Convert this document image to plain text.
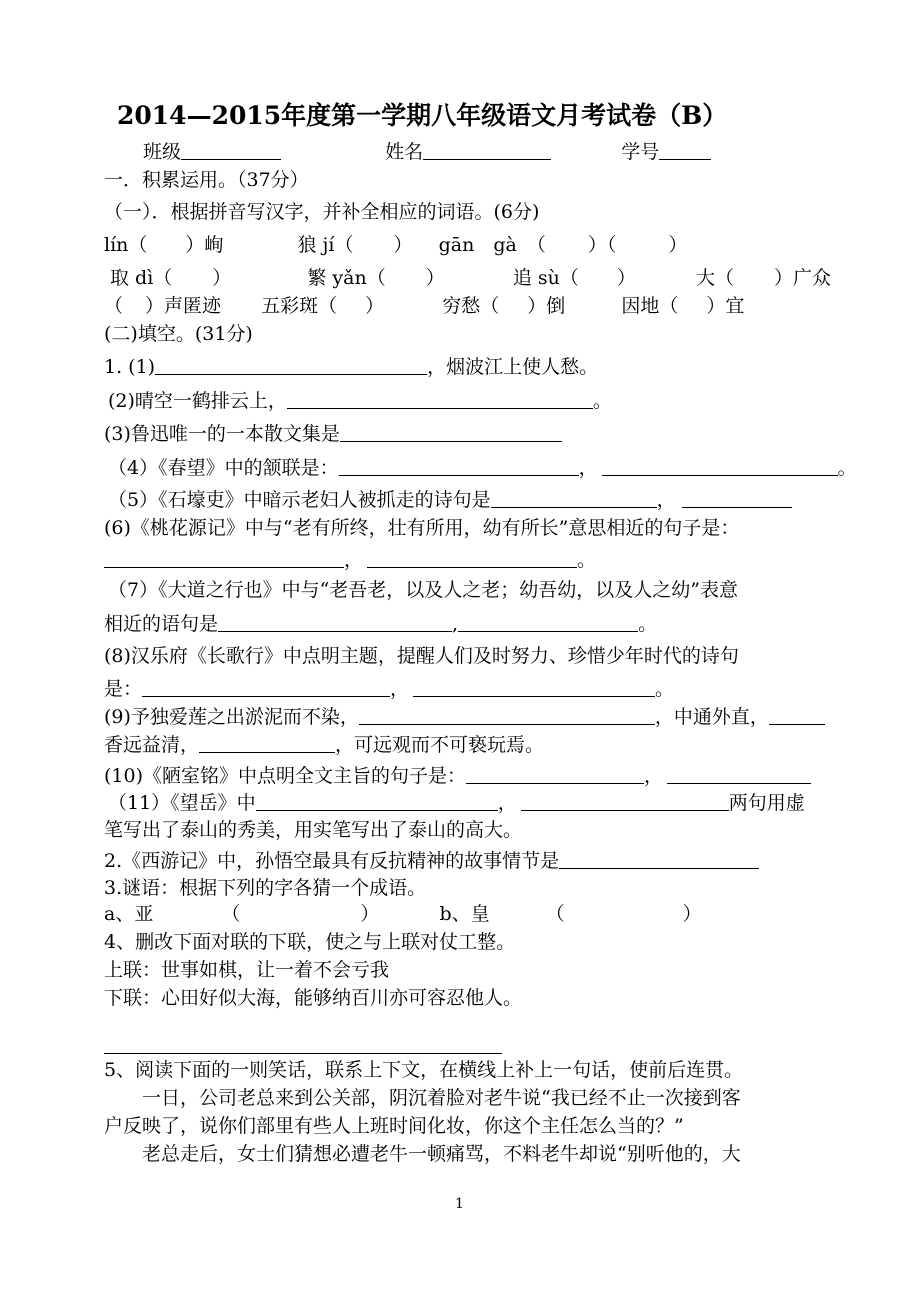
2014—2015年度第一学期八年级语文月考试卷（B）
班级	姓名	学号
一．积累运用。（37分）
（一）．根据拼音写汉字，并补全相应的词语。(6分)
lín（ ）峋	狼 jí（ ） gān　gà （ ）（	）
取 dì（ ）	繁 yǎn（ ）	追 sù（ ）	大（ ）广众
（ ）声匿迹 五彩斑（ ）	穷愁（ ）倒	因地（ ）宜
(二)填空。(31分)
1. (1)	，烟波江上使人愁。
(2)晴空一鹤排云上，	。
(3)鲁迅唯一的一本散文集是
（4）《春望》中的颔联是：	，	。
（5）《石壕吏》中暗示老妇人被抓走的诗句是	，
(6)《桃花源记》中与“老有所终，壮有所用，幼有所长”意思相近的句子是：
，	。
（7）《大道之行也》中与“老吾老，以及人之老；幼吾幼，以及人之幼”表意
相近的语句是	,	。
(8)汉乐府《长歌行》中点明主题，提醒人们及时努力、珍惜少年时代的诗句
是：	，	。
(9)予独爱莲之出淤泥而不染，	，中通外直，
香远益清，	，可远观而不可亵玩焉。
(10)《陋室铭》中点明全文主旨的句子是：	，
（11）《望岳》中	，	两句用虚
笔写出了泰山的秀美，用实笔写出了泰山的高大。
2.《西游记》中，孙悟空最具有反抗精神的故事情节是
3.谜语：根据下列的字各猜一个成语。
a、亚	（	）	b、皇	（	）
4、删改下面对联的下联，使之与上联对仗工整。
上联：世事如棋，让一着不会亏我
下联：心田好似大海，能够纳百川亦可容忍他人。
5、阅读下面的一则笑话，联系上下文，在横线上补上一句话，使前后连贯。
一日，公司老总来到公关部，阴沉着脸对老牛说“我已经不止一次接到客
户反映了，说你们部里有些人上班时间化妆，你这个主任怎么当的？”
老总走后，女士们猜想必遭老牛一顿痛骂，不料老牛却说“别听他的，大
1
